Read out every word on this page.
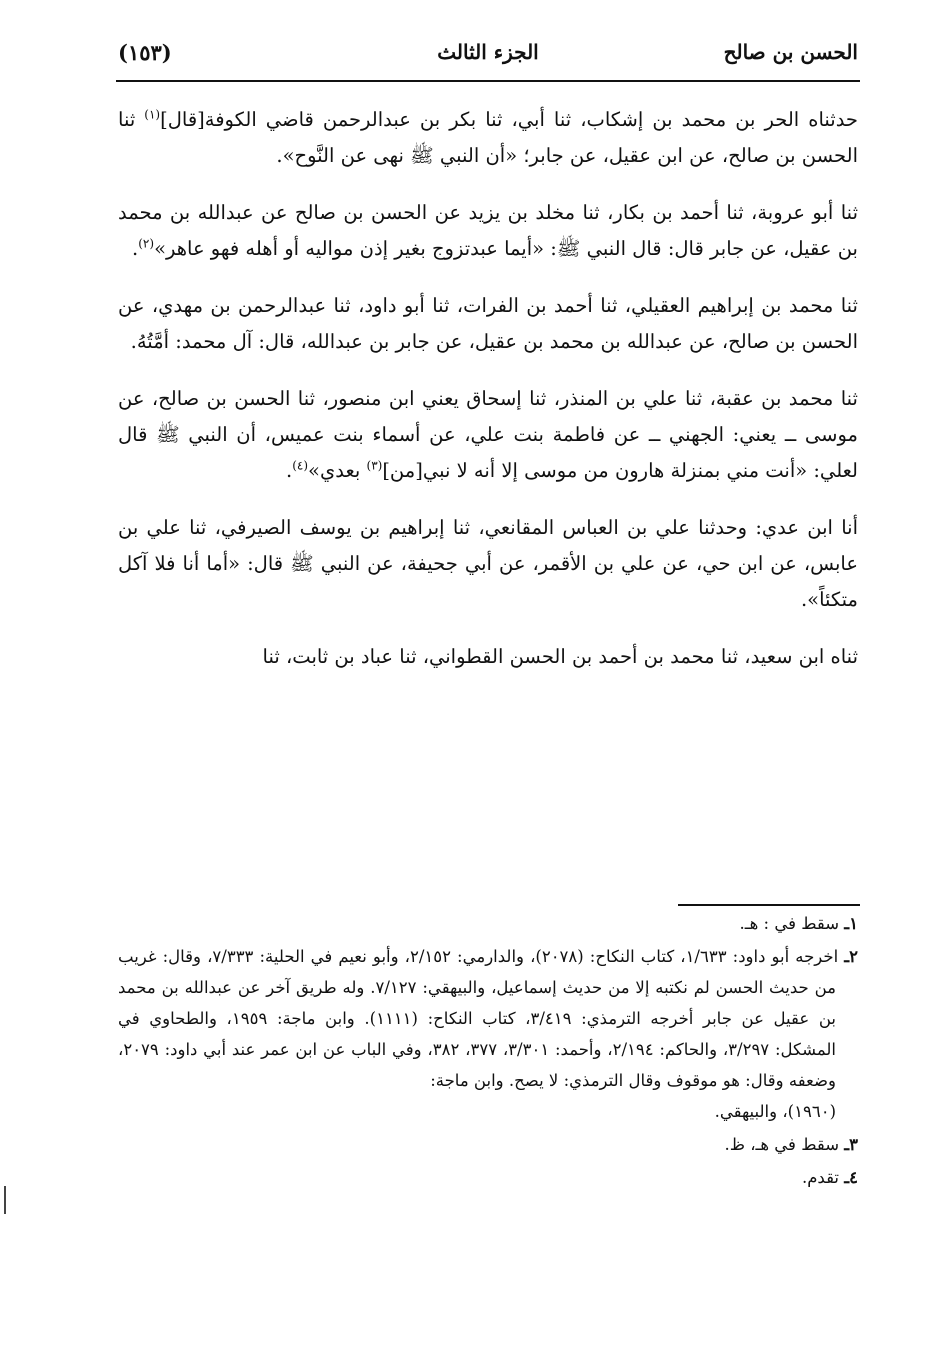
الحسن بن صالح
الجزء الثالث
(١٥٣)

حدثناه الحر بن محمد بن إشكاب، ثنا أبي، ثنا بكر بن عبدالرحمن قاضي الكوفة[قال]$^{(١)}$ ثنا الحسن بن صالح، عن ابن عقيل، عن جابر؛ «أن النبي ﷺ نهى عن النَّوح».

ثنا أبو عروبة، ثنا أحمد بن بكار، ثنا مخلد بن يزيد عن الحسن بن صالح عن عبدالله بن محمد بن عقيل، عن جابر قال: قال النبي ﷺ: «أيما عبدتزوج بغير إذن مواليه أو أهله فهو عاهر»$^{(٢)}$.

ثنا محمد بن إبراهيم العقيلي، ثنا أحمد بن الفرات، ثنا أبو داود، ثنا عبدالرحمن بن مهدي، عن الحسن بن صالح، عن عبدالله بن محمد بن عقيل، عن جابر بن عبدالله، قال: آل محمد: أمَّتُهُ.

ثنا محمد بن عقبة، ثنا علي بن المنذر، ثنا إسحاق يعني ابن منصور، ثنا الحسن بن صالح، عن موسى ــ يعني: الجهني ــ عن فاطمة بنت علي، عن أسماء بنت عميس، أن النبي ﷺ قال لعلي: «أنت مني بمنزلة هارون من موسى إلا أنه لا نبي[من]$^{(٣)}$ بعدي»$^{(٤)}$.

أنا ابن عدي: وحدثنا علي بن العباس المقانعي، ثنا إبراهيم بن يوسف الصيرفي، ثنا علي بن عابس، عن ابن حي، عن علي بن الأقمر، عن أبي جحيفة، عن النبي ﷺ قال: «أما أنا فلا آكل متكئاً».

ثناه ابن سعيد، ثنا محمد بن أحمد بن الحسن القطواني، ثنا عباد بن ثابت، ثنا

١ـ سقط في : هـ.

٢ـ اخرجه أبو داود: ١/٦٣٣، كتاب النكاح: (٢٠٧٨)، والدارمي: ٢/١٥٢، وأبو نعيم في الحلية: ٧/٣٣٣، وقال: غريب من حديث الحسن لم نكتبه إلا من حديث إسماعيل، والبيهقي: ٧/١٢٧. وله طريق آخر عن عبدالله بن محمد بن عقيل عن جابر أخرجه الترمذي: ٣/٤١٩، كتاب النكاح: (١١١١). وابن ماجة: ١٩٥٩، والطحاوي في المشكل: ٣/٢٩٧، والحاكم: ٢/١٩٤، وأحمد: ٣/٣٠١، ٣٧٧، ٣٨٢، وفي الباب عن ابن عمر عند أبي داود: ٢٠٧٩، وضعفه وقال: هو موقوف وقال الترمذي: لا يصح. وابن ماجة:
(١٩٦٠)، والبيهقي.

٣ـ سقط في هـ، ظ.

٤ـ تقدم.
